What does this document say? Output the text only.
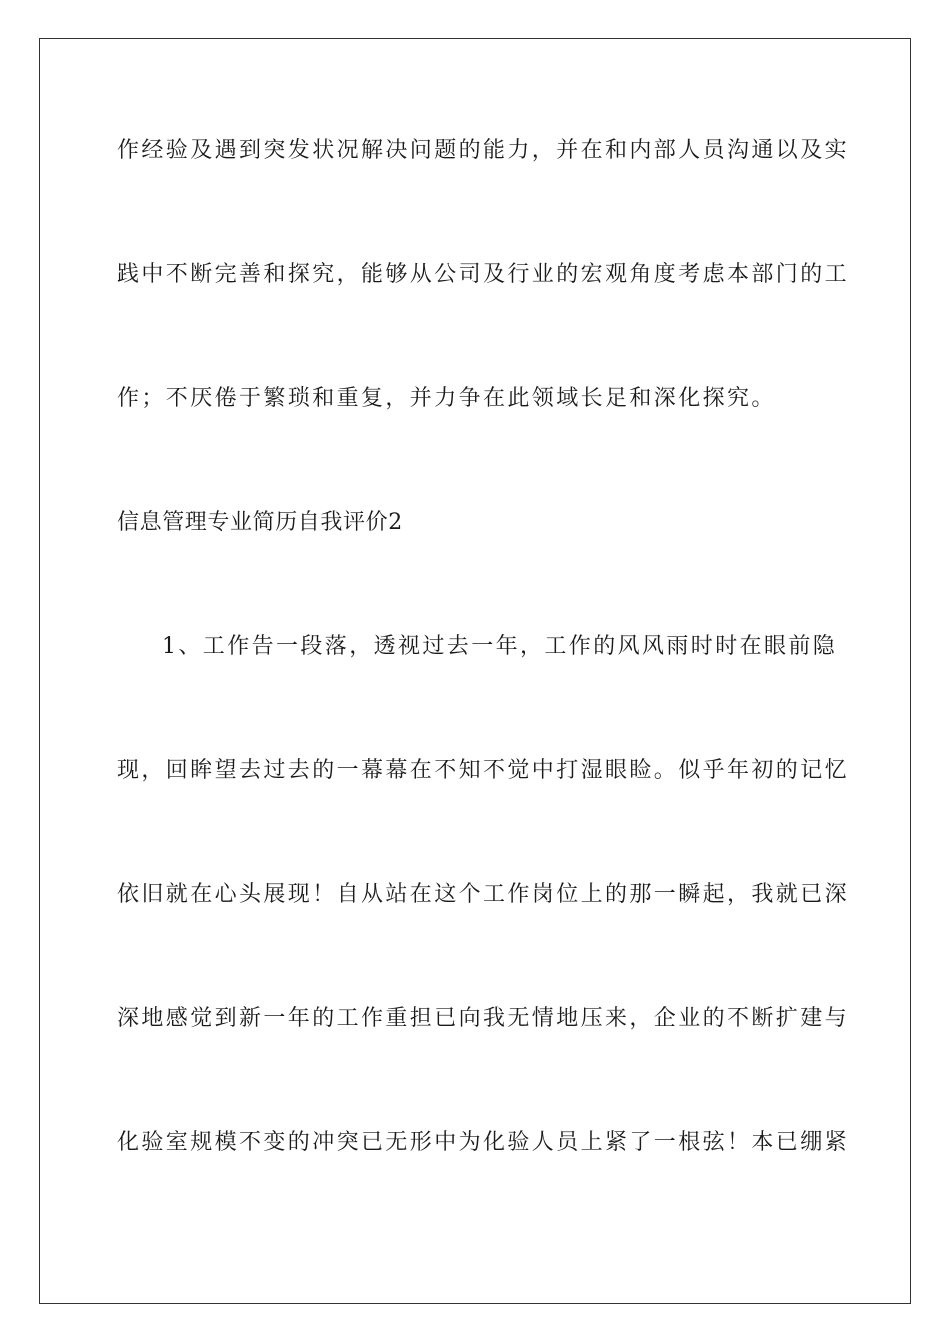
作经验及遇到突发状况解决问题的能力，并在和内部人员沟通以及实
践中不断完善和探究，能够从公司及行业的宏观角度考虑本部门的工
作；不厌倦于繁琐和重复，并力争在此领域长足和深化探究。
信息管理专业简历自我评价2
1、工作告一段落，透视过去一年，工作的风风雨时时在眼前隐
现，回眸望去过去的一幕幕在不知不觉中打湿眼睑。似乎年初的记忆
依旧就在心头展现！自从站在这个工作岗位上的那一瞬起，我就已深
深地感觉到新一年的工作重担已向我无情地压来，企业的不断扩建与
化验室规模不变的冲突已无形中为化验人员上紧了一根弦！本已绷紧
